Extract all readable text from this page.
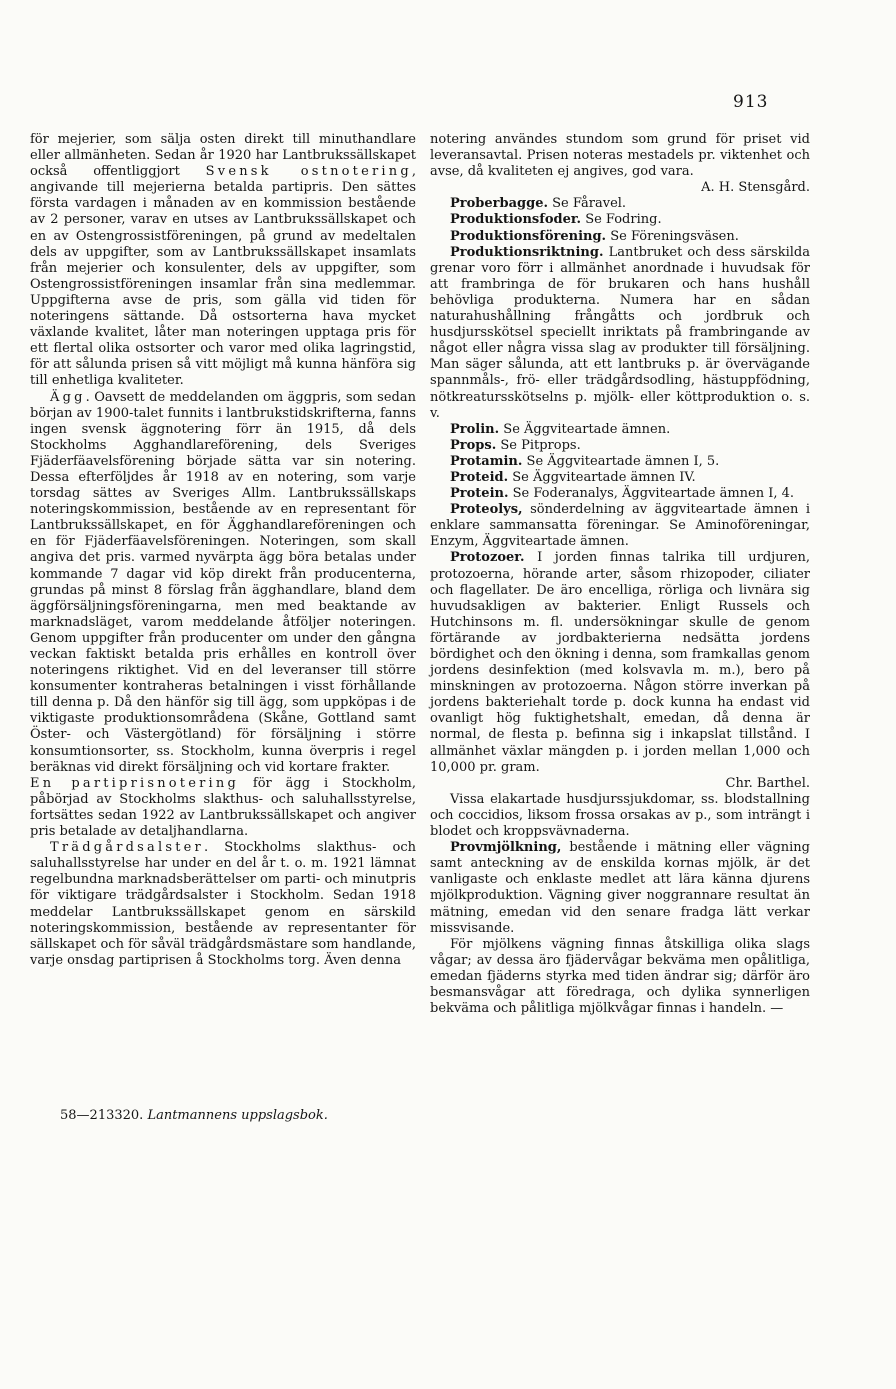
913

för mejerier, som sälja osten direkt till minuthandlare eller allmänheten. Sedan år 1920 har Lantbrukssällskapet också offentliggjort Svensk ostnotering, angivande till mejerierna betalda partipris. Den sättes första vardagen i månaden av en kommission bestående av 2 personer, varav en utses av Lantbrukssällskapet och en av Ostengrossistföreningen, på grund av medeltalen dels av uppgifter, som av Lantbrukssällskapet insamlats från mejerier och konsulenter, dels av uppgifter, som Ostengrossistföreningen insamlar från sina medlemmar. Uppgifterna avse de pris, som gälla vid tiden för noteringens sättande. Då ostsorterna hava mycket växlande kvalitet, låter man noteringen upptaga pris för ett flertal olika ostsorter och varor med olika lagringstid, för att sålunda prisen så vitt möjligt må kunna hänföra sig till enhetliga kvaliteter.

Ägg. Oavsett de meddelanden om äggpris, som sedan början av 1900-talet funnits i lantbrukstidskrifterna, fanns ingen svensk äggnotering förr än 1915, då dels Stockholms Agghandlareförening, dels Sveriges Fjäderfäavelsförening började sätta var sin notering. Dessa efterföljdes år 1918 av en notering, som varje torsdag sättes av Sveriges Allm. Lantbrukssällskaps noteringskommission, bestående av en representant för Lantbrukssällskapet, en för Ägghandlareföreningen och en för Fjäderfäavelsföreningen. Noteringen, som skall angiva det pris. varmed nyvärpta ägg böra betalas under kommande 7 dagar vid köp direkt från producenterna, grundas på minst 8 förslag från ägghandlare, bland dem äggförsäljningsföreningarna, men med beaktande av marknadsläget, varom meddelande åtföljer noteringen. Genom uppgifter från producenter om under den gångna veckan faktiskt betalda pris erhålles en kontroll över noteringens riktighet. Vid en del leveranser till större konsumenter kontraheras betalningen i visst förhållande till denna p. Då den hänför sig till ägg, som uppköpas i de viktigaste produktionsområdena (Skåne, Gottland samt Öster- och Västergötland) för försäljning i större konsumtionsorter, ss. Stockholm, kunna överpris i regel beräknas vid direkt försäljning och vid kortare frakter.

En partiprisnotering för ägg i Stockholm, påbörjad av Stockholms slakthus- och saluhallsstyrelse, fortsättes sedan 1922 av Lantbrukssällskapet och angiver pris betalade av detaljhandlarna.

Trädgårdsalster. Stockholms slakthus- och saluhallsstyrelse har under en del år t. o. m. 1921 lämnat regelbundna marknadsberättelser om parti- och minutpris för viktigare trädgårdsalster i Stockholm. Sedan 1918 meddelar Lantbrukssällskapet genom en särskild noteringskommission, bestående av representanter för sällskapet och för såväl trädgårdsmästare som handlande, varje onsdag partiprisen å Stockholms torg. Även denna

notering användes stundom som grund för priset vid leveransavtal. Prisen noteras mestadels pr. viktenhet och avse, då kvaliteten ej angives, god vara.
A. H. Stensgård.

Proberbagge. Se Fåravel.

Produktionsfoder. Se Fodring.

Produktionsförening. Se Föreningsväsen.

Produktionsriktning. Lantbruket och dess särskilda grenar voro förr i allmänhet anordnade i huvudsak för att frambringa de för brukaren och hans hushåll behövliga produkterna. Numera har en sådan naturahushållning frångåtts och jordbruk och husdjursskötsel speciellt inriktats på frambringande av något eller några vissa slag av produkter till försäljning. Man säger sålunda, att ett lantbruks p. är övervägande spannmåls-, frö- eller trädgårdsodling, hästuppfödning, nötkreatursskötselns p. mjölk- eller köttproduktion o. s. v.

Prolin. Se Äggviteartade ämnen.

Props. Se Pitprops.

Protamin. Se Äggviteartade ämnen I, 5.

Proteid. Se Äggviteartade ämnen IV.

Protein. Se Foderanalys, Äggviteartade ämnen I, 4.

Proteolys, sönderdelning av äggviteartade ämnen i enklare sammansatta föreningar. Se Aminoföreningar, Enzym, Äggviteartade ämnen.

Protozoer. I jorden finnas talrika till urdjuren, protozoerna, hörande arter, såsom rhizopoder, ciliater och flagellater. De äro encelliga, rörliga och livnära sig huvudsakligen av bakterier. Enligt Russels och Hutchinsons m. fl. undersökningar skulle de genom förtärande av jordbakterierna nedsätta jordens bördighet och den ökning i denna, som framkallas genom jordens desinfektion (med kolsvavla m. m.), bero på minskningen av protozoerna. Någon större inverkan på jordens bakteriehalt torde p. dock kunna ha endast vid ovanligt hög fuktighetshalt, emedan, då denna är normal, de flesta p. befinna sig i inkapslat tillstånd. I allmänhet växlar mängden p. i jorden mellan 1,000 och 10,000 pr. gram.
Chr. Barthel.

Vissa elakartade husdjurssjukdomar, ss. blodstallning och coccidios, liksom frossa orsakas av p., som inträngt i blodet och kroppsvävnaderna.

Provmjölkning, bestående i mätning eller vägning samt anteckning av de enskilda kornas mjölk, är det vanligaste och enklaste medlet att lära känna djurens mjölkproduktion. Vägning giver noggrannare resultat än mätning, emedan vid den senare fradga lätt verkar missvisande.

För mjölkens vägning finnas åtskilliga olika slags vågar; av dessa äro fjädervågar bekväma men opålitliga, emedan fjäderns styrka med tiden ändrar sig; därför äro besmansvågar att föredraga, och dylika synnerligen bekväma och pålitliga mjölkvågar finnas i handeln. —

58—213320. Lantmannens uppslagsbok.
